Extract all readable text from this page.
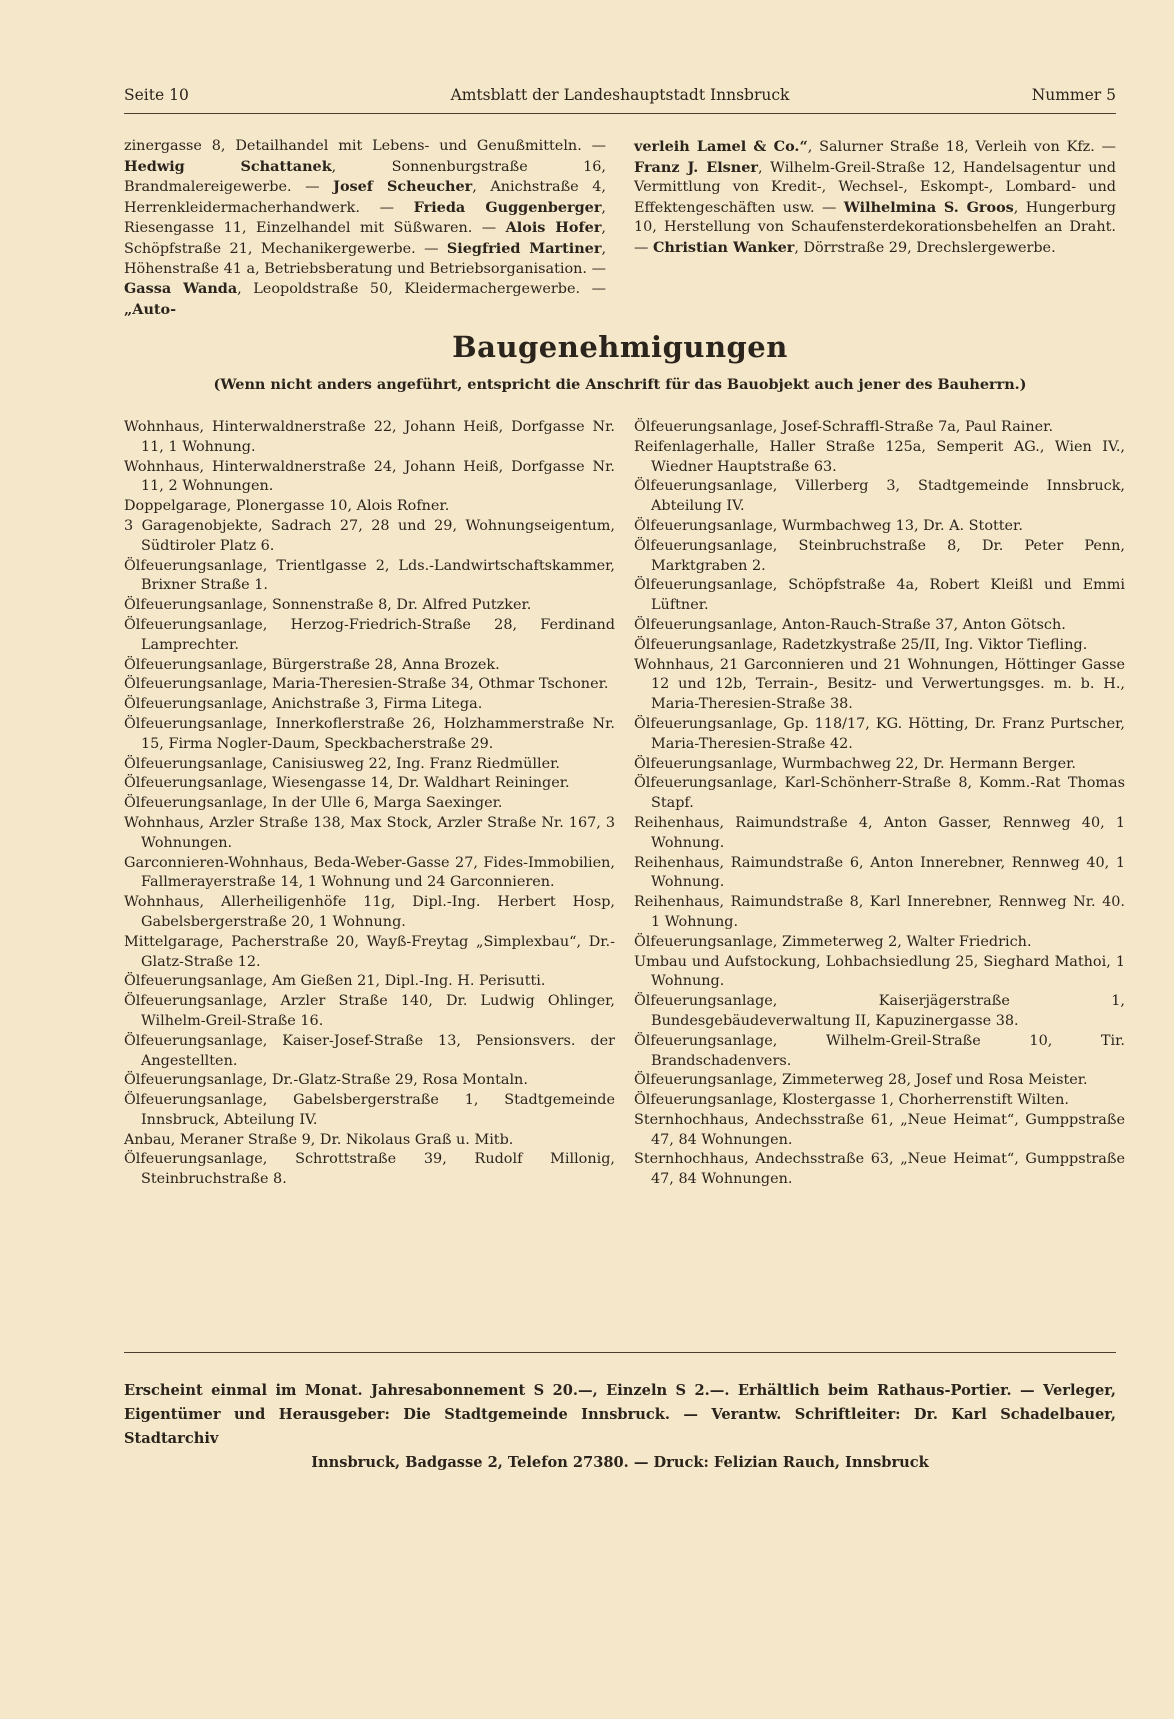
Seite 10	Amtsblatt der Landeshauptstadt Innsbruck	Nummer 5
zinergasse 8, Detailhandel mit Lebens- und Genußmitteln. — Hedwig Schattanek, Sonnenburgstraße 16, Brandmalereigewerbe. — Josef Scheucher, Anichstraße 4, Herrenkleidermacherhandwerk. — Frieda Guggenberger, Riesengasse 11, Einzelhandel mit Süßwaren. — Alois Hofer, Schöpfstraße 21, Mechanikergewerbe. — Siegfried Martiner, Höhenstraße 41 a, Betriebsberatung und Betriebsorganisation. — Gassa Wanda, Leopoldstraße 50, Kleidermachergewerbe. — „Auto-
verleih Lamel & Co.“, Salurner Straße 18, Verleih von Kfz. — Franz J. Elsner, Wilhelm-Greil-Straße 12, Handelsagentur und Vermittlung von Kredit-, Wechsel-, Eskompt-, Lombard- und Effektengeschäften usw. — Wilhelmina S. Groos, Hungerburg 10, Herstellung von Schaufensterdekorationsbehelfen an Draht. — Christian Wanker, Dörrstraße 29, Drechslergewerbe.
Baugenehmigungen
(Wenn nicht anders angeführt, entspricht die Anschrift für das Bauobjekt auch jener des Bauherrn.)
Wohnhaus, Hinterwaldnerstraße 22, Johann Heiß, Dorfgasse Nr. 11, 1 Wohnung.
Wohnhaus, Hinterwaldnerstraße 24, Johann Heiß, Dorfgasse Nr. 11, 2 Wohnungen.
Doppelgarage, Plonergasse 10, Alois Rofner.
3 Garagenobjekte, Sadrach 27, 28 und 29, Wohnungseigentum, Südtiroler Platz 6.
Ölfeuerungsanlage, Trientlgasse 2, Lds.-Landwirtschaftskammer, Brixner Straße 1.
Ölfeuerungsanlage, Sonnenstraße 8, Dr. Alfred Putzker.
Ölfeuerungsanlage, Herzog-Friedrich-Straße 28, Ferdinand Lamprechter.
Ölfeuerungsanlage, Bürgerstraße 28, Anna Brozek.
Ölfeuerungsanlage, Maria-Theresien-Straße 34, Othmar Tschoner.
Ölfeuerungsanlage, Anichstraße 3, Firma Litega.
Ölfeuerungsanlage, Innerkoflerstraße 26, Holzhammerstraße Nr. 15, Firma Nogler-Daum, Speckbacherstraße 29.
Ölfeuerungsanlage, Canisiusweg 22, Ing. Franz Riedmüller.
Ölfeuerungsanlage, Wiesengasse 14, Dr. Waldhart Reininger.
Ölfeuerungsanlage, In der Ulle 6, Marga Saexinger.
Wohnhaus, Arzler Straße 138, Max Stock, Arzler Straße Nr. 167, 3 Wohnungen.
Garconnieren-Wohnhaus, Beda-Weber-Gasse 27, Fides-Immobilien, Fallmerayerstraße 14, 1 Wohnung und 24 Garconnieren.
Wohnhaus, Allerheiligenhöfe 11g, Dipl.-Ing. Herbert Hosp, Gabelsbergerstraße 20, 1 Wohnung.
Mittelgarage, Pacherstraße 20, Wayß-Freytag „Simplexbau“, Dr.-Glatz-Straße 12.
Ölfeuerungsanlage, Am Gießen 21, Dipl.-Ing. H. Perisutti.
Ölfeuerungsanlage, Arzler Straße 140, Dr. Ludwig Ohlinger, Wilhelm-Greil-Straße 16.
Ölfeuerungsanlage, Kaiser-Josef-Straße 13, Pensionsvers. der Angestellten.
Ölfeuerungsanlage, Dr.-Glatz-Straße 29, Rosa Montaln.
Ölfeuerungsanlage, Gabelsbergerstraße 1, Stadtgemeinde Innsbruck, Abteilung IV.
Anbau, Meraner Straße 9, Dr. Nikolaus Graß u. Mitb.
Ölfeuerungsanlage, Schrottstraße 39, Rudolf Millonig, Steinbruchstraße 8.
Ölfeuerungsanlage, Josef-Schraffl-Straße 7a, Paul Rainer.
Reifenlagerhalle, Haller Straße 125a, Semperit AG., Wien IV., Wiedner Hauptstraße 63.
Ölfeuerungsanlage, Villerberg 3, Stadtgemeinde Innsbruck, Abteilung IV.
Ölfeuerungsanlage, Wurmbachweg 13, Dr. A. Stotter.
Ölfeuerungsanlage, Steinbruchstraße 8, Dr. Peter Penn, Marktgraben 2.
Ölfeuerungsanlage, Schöpfstraße 4a, Robert Kleißl und Emmi Lüftner.
Ölfeuerungsanlage, Anton-Rauch-Straße 37, Anton Götsch.
Ölfeuerungsanlage, Radetzkystraße 25/II, Ing. Viktor Tiefling.
Wohnhaus, 21 Garconnieren und 21 Wohnungen, Höttinger Gasse 12 und 12b, Terrain-, Besitz- und Verwertungsges. m. b. H., Maria-Theresien-Straße 38.
Ölfeuerungsanlage, Gp. 118/17, KG. Hötting, Dr. Franz Purtscher, Maria-Theresien-Straße 42.
Ölfeuerungsanlage, Wurmbachweg 22, Dr. Hermann Berger.
Ölfeuerungsanlage, Karl-Schönherr-Straße 8, Komm.-Rat Thomas Stapf.
Reihenhaus, Raimundstraße 4, Anton Gasser, Rennweg 40, 1 Wohnung.
Reihenhaus, Raimundstraße 6, Anton Innerebner, Rennweg 40, 1 Wohnung.
Reihenhaus, Raimundstraße 8, Karl Innerebner, Rennweg Nr. 40. 1 Wohnung.
Ölfeuerungsanlage, Zimmeterweg 2, Walter Friedrich.
Umbau und Aufstockung, Lohbachsiedlung 25, Sieghard Mathoi, 1 Wohnung.
Ölfeuerungsanlage, Kaiserjägerstraße 1, Bundesgebäudeverwaltung II, Kapuzinergasse 38.
Ölfeuerungsanlage, Wilhelm-Greil-Straße 10, Tir. Brandschadenvers.
Ölfeuerungsanlage, Zimmeterweg 28, Josef und Rosa Meister.
Ölfeuerungsanlage, Klostergasse 1, Chorherrenstift Wilten.
Sternhochhaus, Andechsstraße 61, „Neue Heimat“, Gumppstraße 47, 84 Wohnungen.
Sternhochhaus, Andechsstraße 63, „Neue Heimat“, Gumppstraße 47, 84 Wohnungen.
Erscheint einmal im Monat. Jahresabonnement S 20.—, Einzeln S 2.—. Erhältlich beim Rathaus-Portier. — Verleger, Eigentümer und Herausgeber: Die Stadtgemeinde Innsbruck. — Verantw. Schriftleiter: Dr. Karl Schadelbauer, Stadtarchiv
Innsbruck, Badgasse 2, Telefon 27380. — Druck: Felizian Rauch, Innsbruck
